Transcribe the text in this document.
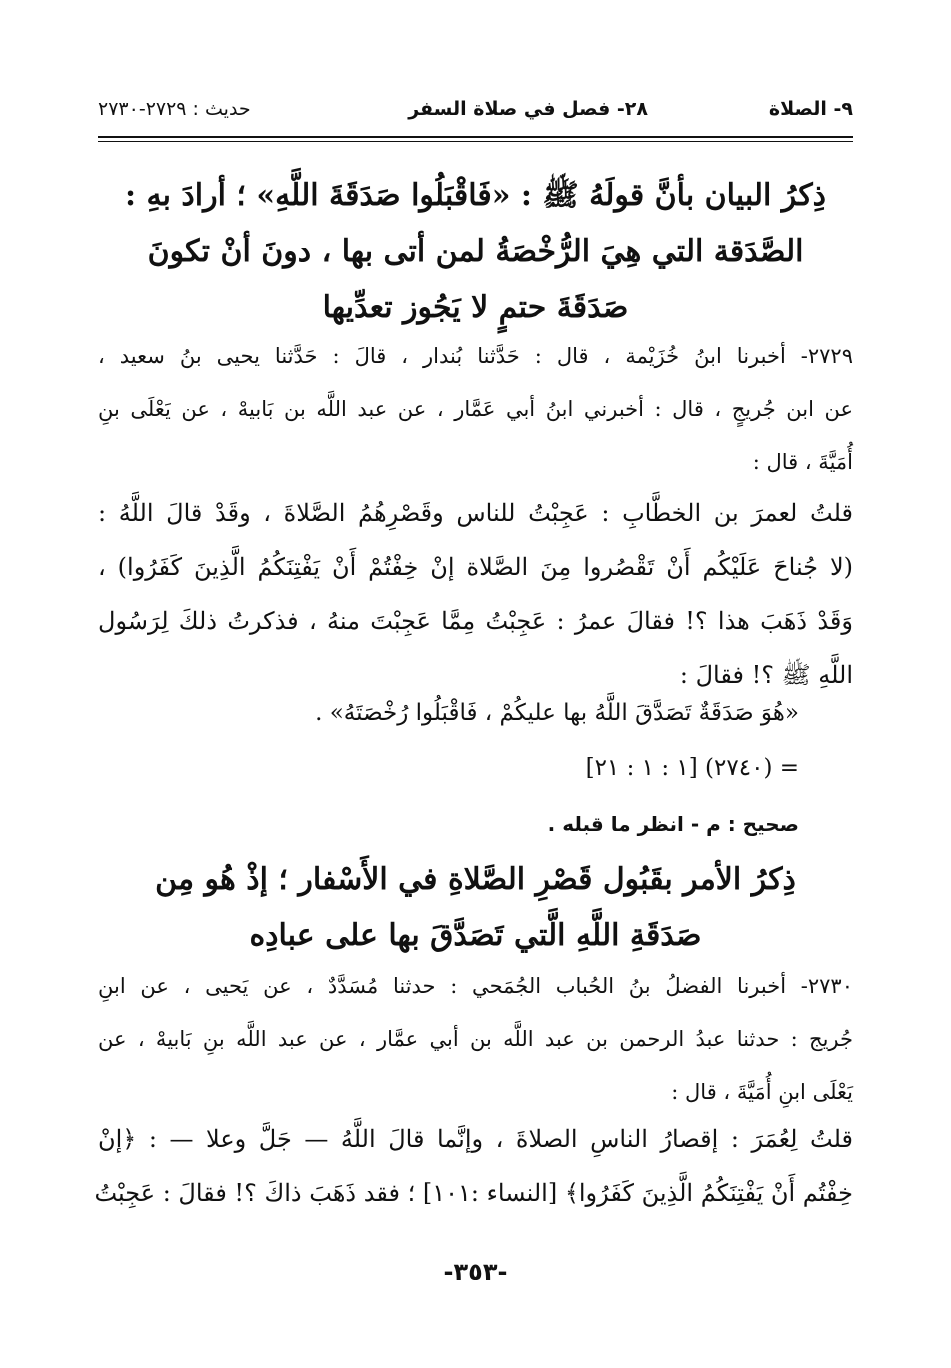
٩- الصلاة
٢٨- فصل في صلاة السفر
حديث : ٢٧٢٩-٢٧٣٠
ذِكرُ البيان بأنَّ قولَهُ ﷺ : «فَاقْبَلُوا صَدَقَةَ اللَّهِ» ؛ أرادَ بهِ :
الصَّدَقة التي هِيَ الرُّخْصَةُ لمن أتى بها ، دونَ أنْ تكونَ
صَدَقَةَ حتمٍ لا يَجُوز تعدِّيها
٢٧٢٩- أخبرنا ابنُ خُزَيْمة ، قال : حَدَّثنا بُندار ، قالَ : حَدَّثنا يحيى بنُ سعيد ،
عن ابن جُريجٍ ، قال : أخبرني ابنُ أبي عَمَّار ، عن عبد اللَّه بن بَابيهْ ، عن يَعْلَى بنِ
أُمَيَّةَ ، قال :
قلتُ لعمرَ بن الخطَّابِ : عَجِبْتُ للناس وقَصْرِهُمُ الصَّلاةَ ، وقَدْ قالَ اللَّهُ :
(لا جُناحَ عَلَيْكُم أَنْ تَقْصُروا مِنَ الصَّلاة إنْ خِفْتُمْ أَنْ يَفْتِنَكُمُ الَّذِينَ كَفَرُوا) ،
وَقَدْ ذَهَبَ هذا ؟! فقالَ عمرُ : عَجِبْتُ مِمَّا عَجِبْتَ منهُ ، فذكرتُ ذلكَ لِرَسُول
اللَّهِ ﷺ ؟! فقالَ :
«هُوَ صَدَقَةٌ تَصَدَّقَ اللَّهُ بها عليكُمْ ، فَاقْبَلُوا رُخْصَتَهُ» .
= (٢٧٤٠) [١ : ١ : ٢١]
صحيح : م - انظر ما قبله .
ذِكرُ الأمر بقَبُول قَصْرِ الصَّلاةِ في الأَسْفار ؛ إذْ هُو مِن
صَدَقَةِ اللَّهِ الَّتي تَصَدَّقَ بها على عبادِه
٢٧٣٠- أخبرنا الفضلُ بنُ الحُباب الجُمَحي : حدثنا مُسَدَّدٌ ، عن يَحيى ، عن ابنِ
جُريج : حدثنا عبدُ الرحمن بن عبد اللَّه بن أبي عمَّار ، عن عبد اللَّه بنِ بَابيهْ ، عن
يَعْلَى ابنِ أُمَيَّةَ ، قال :
قلتُ لِعُمَرَ : إقصارُ الناسِ الصلاةَ ، وإنَّما قالَ اللَّهُ — جَلَّ وعلا — : ﴿إنْ
خِفْتُم أَنْ يَفْتِنَكُمُ الَّذِينَ كَفَرُوا﴾ [النساء :١٠١] ؛ فقد ذَهَبَ ذاكَ ؟! فقالَ : عَجِبْتُ
-٣٥٣-
